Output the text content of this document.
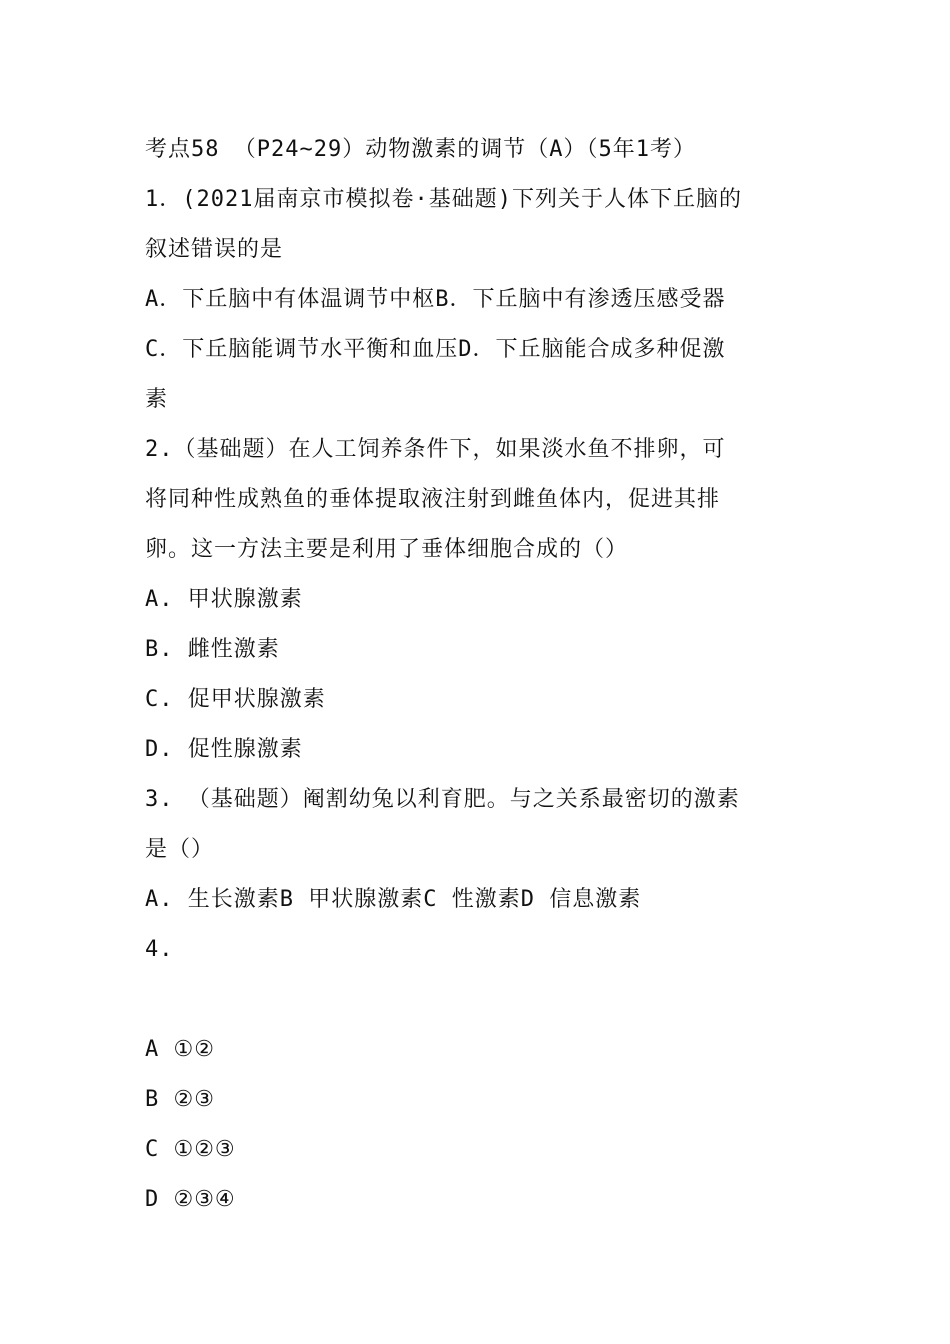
考点58 （P24~29）动物激素的调节（A）（5年1考）
1．(2021届南京市模拟卷·基础题)下列关于人体下丘脑的
叙述错误的是
A．下丘脑中有体温调节中枢B．下丘脑中有渗透压感受器
C．下丘脑能调节水平衡和血压D．下丘脑能合成多种促激
素
2.（基础题）在人工饲养条件下，如果淡水鱼不排卵，可
将同种性成熟鱼的垂体提取液注射到雌鱼体内，促进其排
卵。这一方法主要是利用了垂体细胞合成的（）
A. 甲状腺激素
B. 雌性激素
C. 促甲状腺激素
D. 促性腺激素
3. （基础题）阉割幼兔以利育肥。与之关系最密切的激素
是（）
A. 生长激素B 甲状腺激素C 性激素D 信息激素
4.
A ①②
B ②③
C ①②③
D ②③④
